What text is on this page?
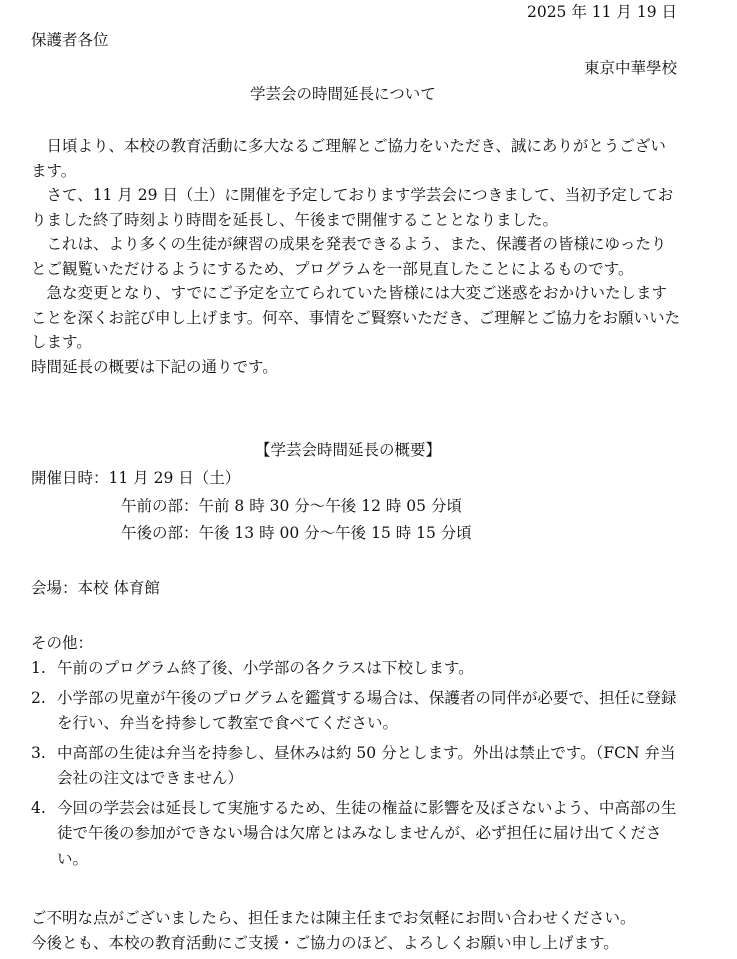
2025 年 11 月 19 日
保護者各位
東京中華學校
学芸会の時間延長について

日頃より、本校の教育活動に多大なるご理解とご協力をいただき、誠にありがとうございます。

さて、11 月 29 日（土）に開催を予定しております学芸会につきまして、当初予定しておりました終了時刻より時間を延長し、午後まで開催することとなりました。

これは、より多くの生徒が練習の成果を発表できるよう、また、保護者の皆様にゆったりとご観覧いただけるようにするため、プログラムを一部見直したことによるものです。

急な変更となり、すでにご予定を立てられていた皆様には大変ご迷惑をおかけいたしますことを深くお詫び申し上げます。何卒、事情をご賢察いただき、ご理解とご協力をお願いいたします。

時間延長の概要は下記の通りです。

【学芸会時間延長の概要】
開催日時：11 月 29 日（土）
午前の部：午前 8 時 30 分～午後 12 時 05 分頃
午後の部：午後 13 時 00 分～午後 15 時 15 分頃
会場：本校 体育館
その他：
1. 午前のプログラム終了後、小学部の各クラスは下校します。
2. 小学部の児童が午後のプログラムを鑑賞する場合は、保護者の同伴が必要で、担任に登録を行い、弁当を持参して教室で食べてください。
3. 中高部の生徒は弁当を持参し、昼休みは約 50 分とします。外出は禁止です。（FCN 弁当会社の注文はできません）
4. 今回の学芸会は延長して実施するため、生徒の権益に影響を及ぼさないよう、中高部の生徒で午後の参加ができない場合は欠席とはみなしませんが、必ず担任に届け出てください。
ご不明な点がございましたら、担任または陳主任までお気軽にお問い合わせください。
今後とも、本校の教育活動にご支援・ご協力のほど、よろしくお願い申し上げます。
